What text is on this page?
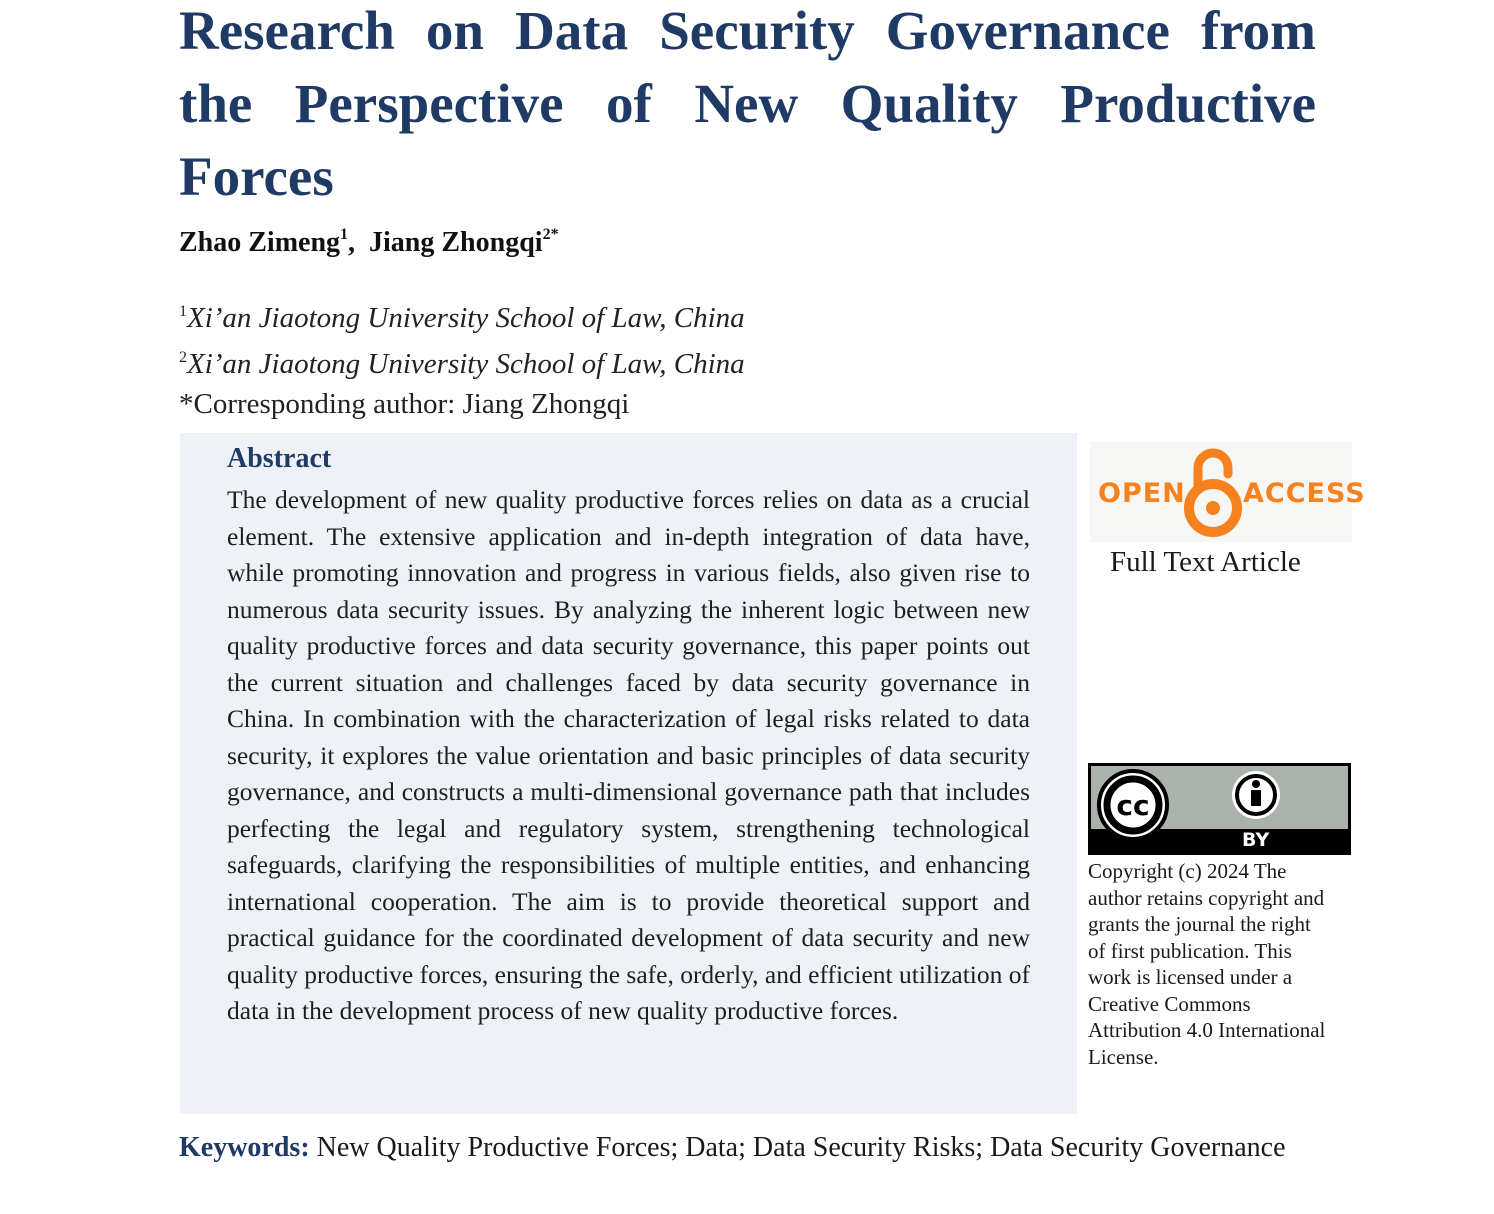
Research on Data Security Governance from the Perspective of New Quality Productive Forces
Zhao Zimeng$^1$, Jiang Zhongqi$^{2*}$
$^1$Xi’an Jiaotong University School of Law, China
$^2$Xi’an Jiaotong University School of Law, China
*Corresponding author: Jiang Zhongqi
Abstract

The development of new quality productive forces relies on data as a crucial element. The extensive application and in-depth integration of data have, while promoting innovation and progress in various fields, also given rise to numerous data security issues. By analyzing the inherent logic between new quality productive forces and data security governance, this paper points out the current situation and challenges faced by data security governance in China. In combination with the characterization of legal risks related to data security, it explores the value orientation and basic principles of data security governance, and constructs a multi-dimensional governance path that includes perfecting the legal and regulatory system, strengthening technological safeguards, clarifying the responsibilities of multiple entities, and enhancing international cooperation. The aim is to provide theoretical support and practical guidance for the coordinated development of data security and new quality productive forces, ensuring the safe, orderly, and efficient utilization of data in the development process of new quality productive forces.

OPEN ACCESS
Full Text Article
cc
BY
Copyright (c) 2024 The author retains copyright and grants the journal the right of first publication. This work is licensed under a Creative Commons Attribution 4.0 International License.

Keywords: New Quality Productive Forces; Data; Data Security Risks; Data Security Governance
